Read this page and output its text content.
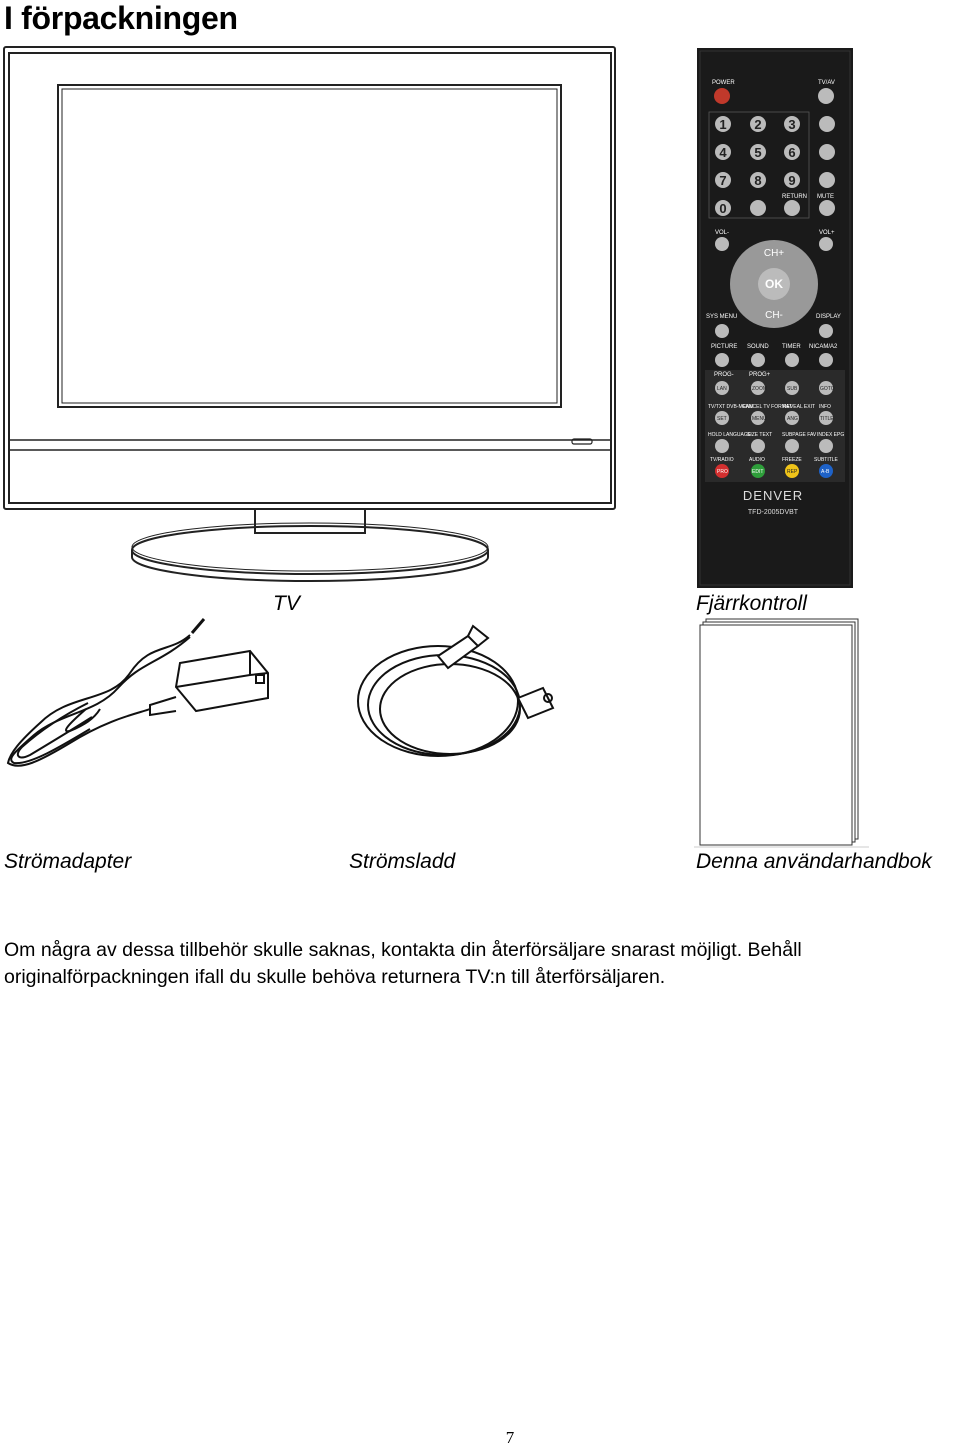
I förpackningen
POWER	TV/AV
1 2 3
4 5 6
7 8 9
0
RETURN MUTE
VOL-	VOL+
OK
CH+
CH-
SYS MENU	DISPLAY
PICTURE SOUND TIMER NICAM/A2
PROG-	PROG+
LAN	ZOOM	SUB	GOTO
TV/TXT DVB-MENU
CANCEL TV FORMAT
REVEAL EXIT INFO
SET	MENU	ANG	TITLE
HOLD LANGUAGE
SIZE TEXT SUBPAGE FAV INDEX EPG
TV/RADIO	AUDIO	FREEZE SUBTITLE
PRO	EDIT	REP	A-B
DENVER
TFD-2005DVBT
TV	Fjärrkontroll
Strömadapter	Strömsladd	Denna användarhandbok
Om några av dessa tillbehör skulle saknas, kontakta din återförsäljare snarast möjligt. Behåll
originalförpackningen ifall du skulle behöva returnera TV:n till återförsäljaren.
7
